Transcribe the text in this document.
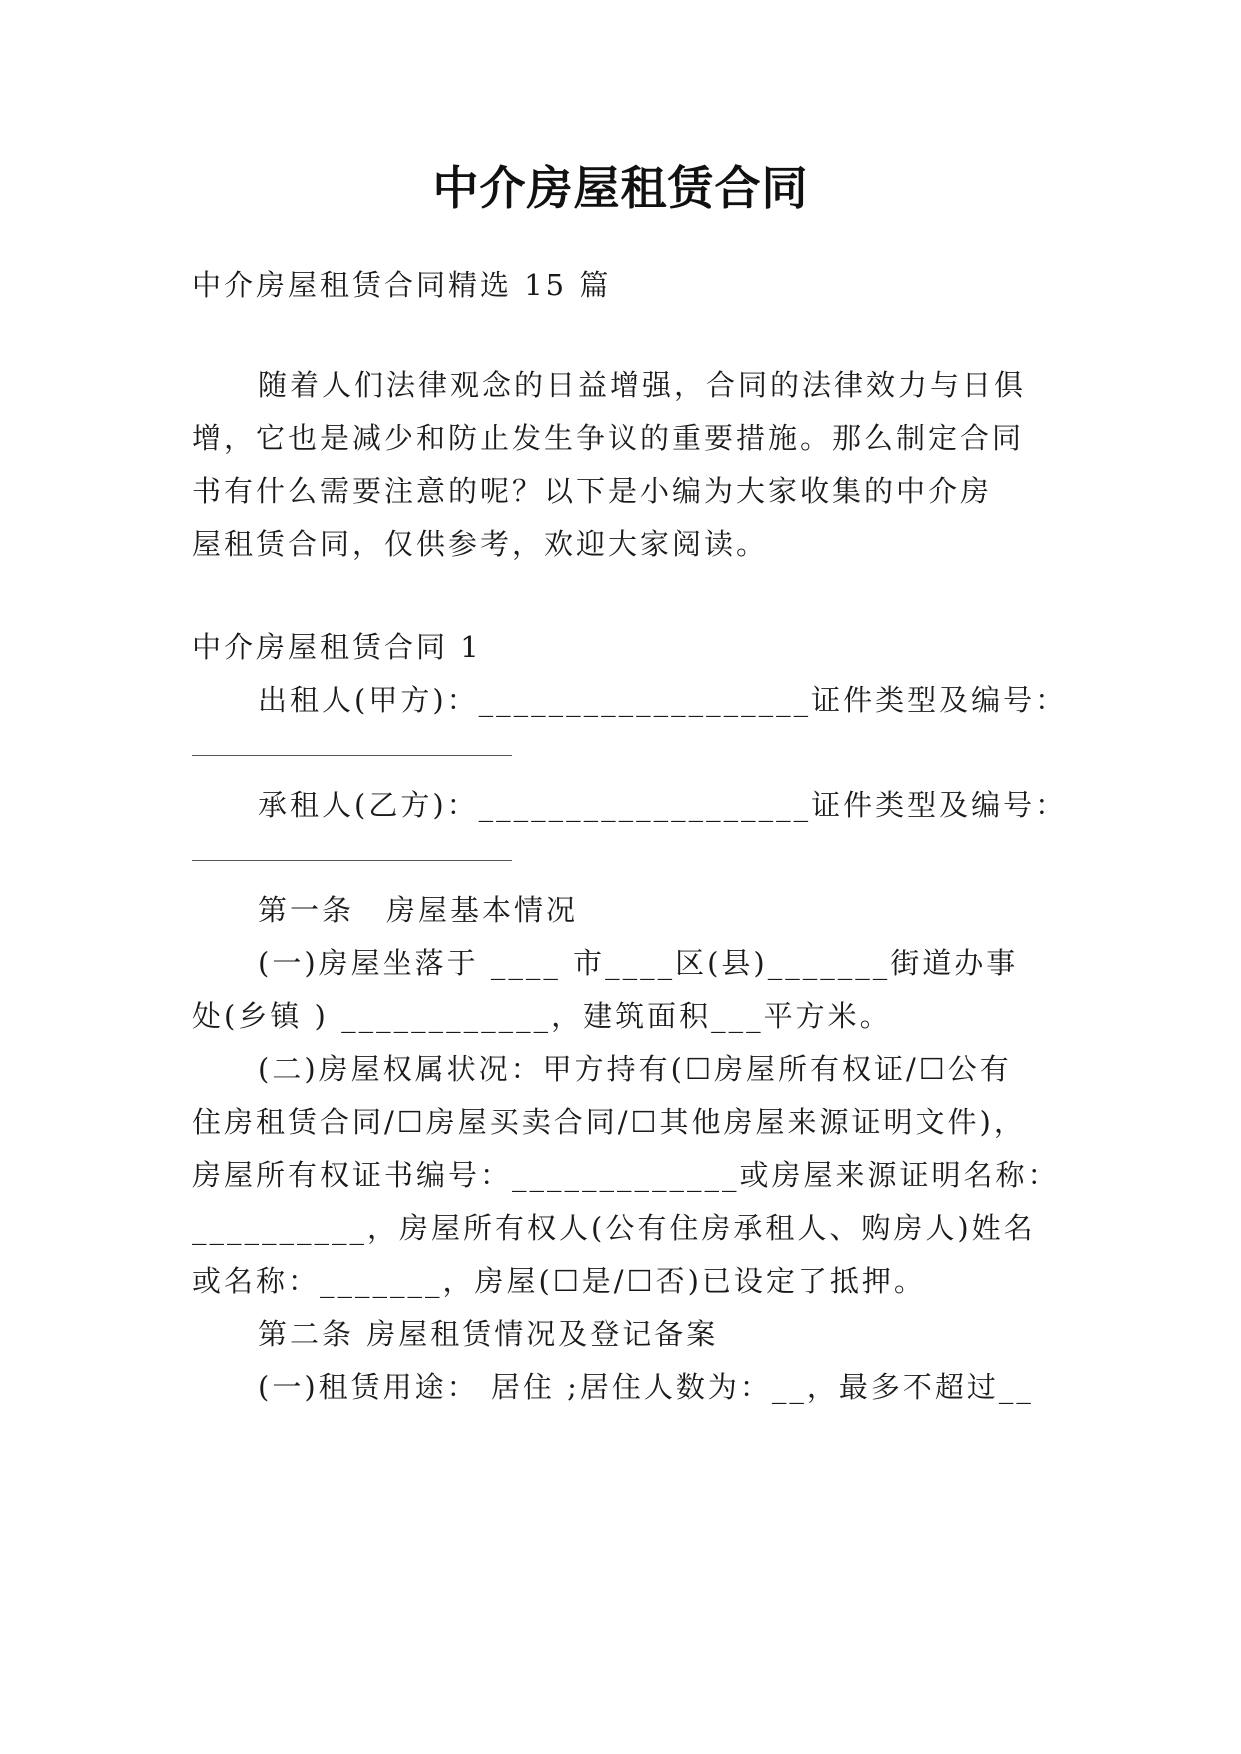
中介房屋租赁合同
中介房屋租赁合同精选 15 篇
随着人们法律观念的日益增强，合同的法律效力与日俱
增，它也是减少和防止发生争议的重要措施。那么制定合同
书有什么需要注意的呢？以下是小编为大家收集的中介房
屋租赁合同，仅供参考，欢迎大家阅读。
中介房屋租赁合同 1
出租人(甲方)：___________________证件类型及编号：
承租人(乙方)：___________________证件类型及编号：
第一条　房屋基本情况
(一)房屋坐落于 ____ 市____区(县)_______街道办事
处(乡镇 ) ____________，建筑面积___平方米。
(二)房屋权属状况：甲方持有(☐房屋所有权证/☐公有
住房租赁合同/☐房屋买卖合同/☐其他房屋来源证明文件)，
房屋所有权证书编号：_____________或房屋来源证明名称：
__________，房屋所有权人(公有住房承租人、购房人)姓名
或名称：_______，房屋(☐是/☐否)已设定了抵押。
第二条 房屋租赁情况及登记备案
(一)租赁用途： 居住 ;居住人数为：__，最多不超过__
